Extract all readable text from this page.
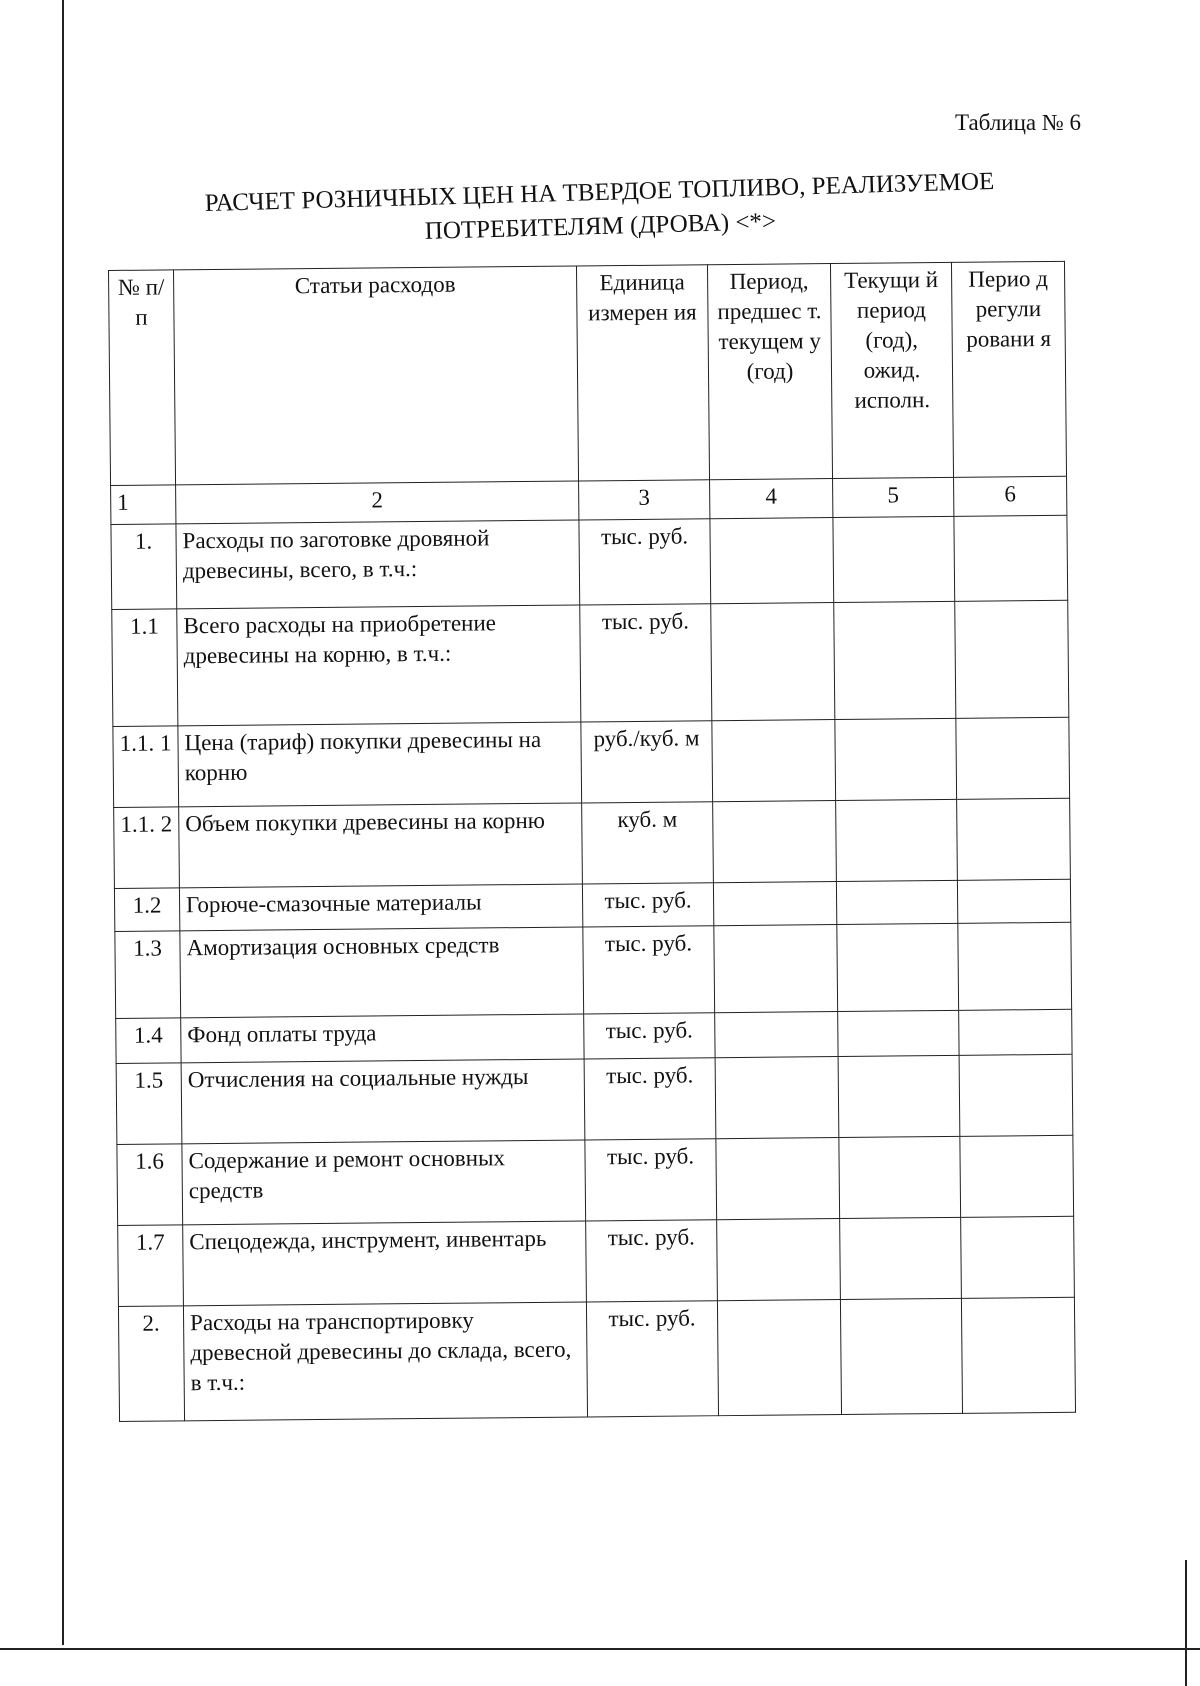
Таблица № 6
РАСЧЕТ РОЗНИЧНЫХ ЦЕН НА ТВЕРДОЕ ТОПЛИВО, РЕАЛИЗУЕМОЕ
ПОТРЕБИТЕЛЯМ (ДРОВА) <*>
№ п/п	Статьи расходов	Единица измерен ия	Период, предшес т. текущем у (год)	Текущи й период (год), ожид. исполн.	Перио д регули ровани я
1	2	3	4	5	6
1.	Расходы по заготовке дровяной древесины, всего, в т.ч.:	тыс. руб.			
1.1	Всего расходы на приобретение древесины на корню, в т.ч.:	тыс. руб.			
1.1. 1	Цена (тариф) покупки древесины на корню	руб./куб. м			
1.1. 2	Объем покупки древесины на корню	куб. м			
1.2	Горюче-смазочные материалы	тыс. руб.			
1.3	Амортизация основных средств	тыс. руб.			
1.4	Фонд оплаты труда	тыс. руб.			
1.5	Отчисления на социальные нужды	тыс. руб.			
1.6	Содержание и ремонт основных средств	тыс. руб.			
1.7	Спецодежда, инструмент, инвентарь	тыс. руб.			
2.	Расходы на транспортировку древесной древесины до склада, всего, в т.ч.:	тыс. руб.			
